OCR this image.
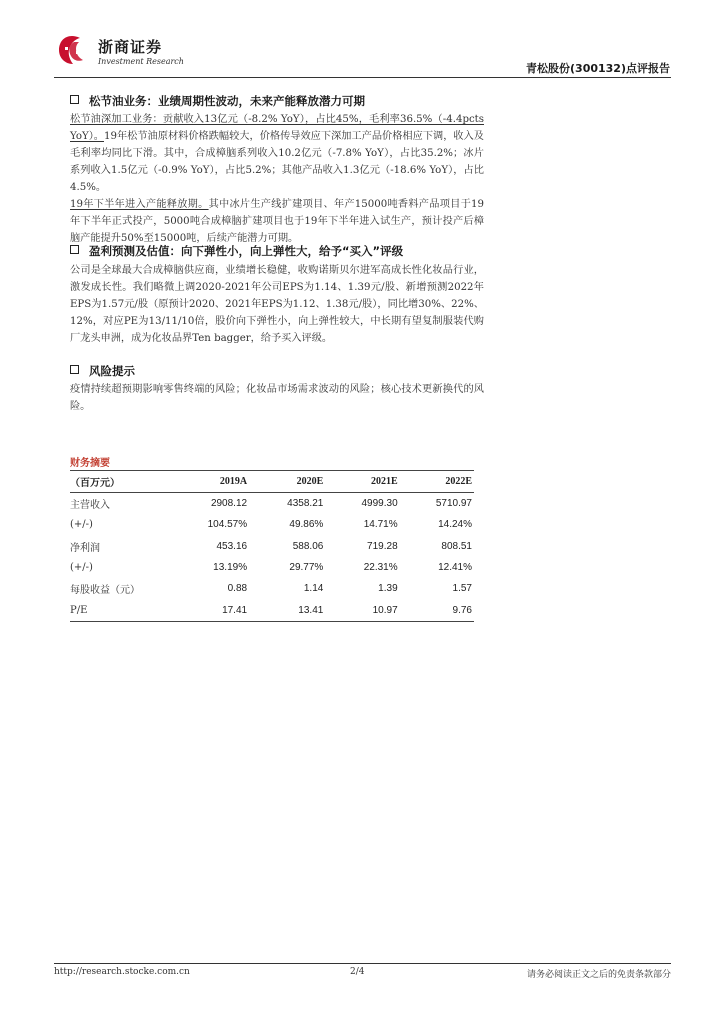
浙商证券
Investment Research
青松股份(300132)点评报告
松节油业务：业绩周期性波动，未来产能释放潜力可期
松节油深加工业务：贡献收入13亿元（-8.2% YoY），占比45%，毛利率36.5%（-4.4pcts YoY）。19年松节油原材料价格跌幅较大，价格传导效应下深加工产品价格相应下调，收入及毛利率均同比下滑。其中，合成樟脑系列收入10.2亿元（-7.8% YoY），占比35.2%；冰片系列收入1.5亿元（-0.9% YoY），占比5.2%；其他产品收入1.3亿元（-18.6% YoY），占比4.5%。
19年下半年进入产能释放期。其中冰片生产线扩建项目、年产15000吨香料产品项目于19年下半年正式投产，5000吨合成樟脑扩建项目也于19年下半年进入试生产，预计投产后樟脑产能提升50%至15000吨，后续产能潜力可期。
盈利预测及估值：向下弹性小，向上弹性大，给予“买入”评级
公司是全球最大合成樟脑供应商，业绩增长稳健，收购诺斯贝尔进军高成长性化妆品行业，激发成长性。我们略微上调2020-2021年公司EPS为1.14、1.39元/股、新增预测2022年EPS为1.57元/股（原预计2020、2021年EPS为1.12、1.38元/股），同比增30%、22%、12%，对应PE为13/11/10倍，股价向下弹性小，向上弹性较大，中长期有望复制服装代购厂龙头申洲，成为化妆品界Ten bagger，给予买入评级。
风险提示
疫情持续超预期影响零售终端的风险；化妆品市场需求波动的风险；核心技术更新换代的风险。
财务摘要
（百万元）	2019A	2020E	2021E	2022E
主营收入	2908.12	4358.21	4999.30	5710.97
(+/-)	104.57%	49.86%	14.71%	14.24%
净利润	453.16	588.06	719.28	808.51
(+/-)	13.19%	29.77%	22.31%	12.41%
每股收益（元）	0.88	1.14	1.39	1.57
P/E	17.41	13.41	10.97	9.76
http://research.stocke.com.cn	2/4	请务必阅读正文之后的免责条款部分
